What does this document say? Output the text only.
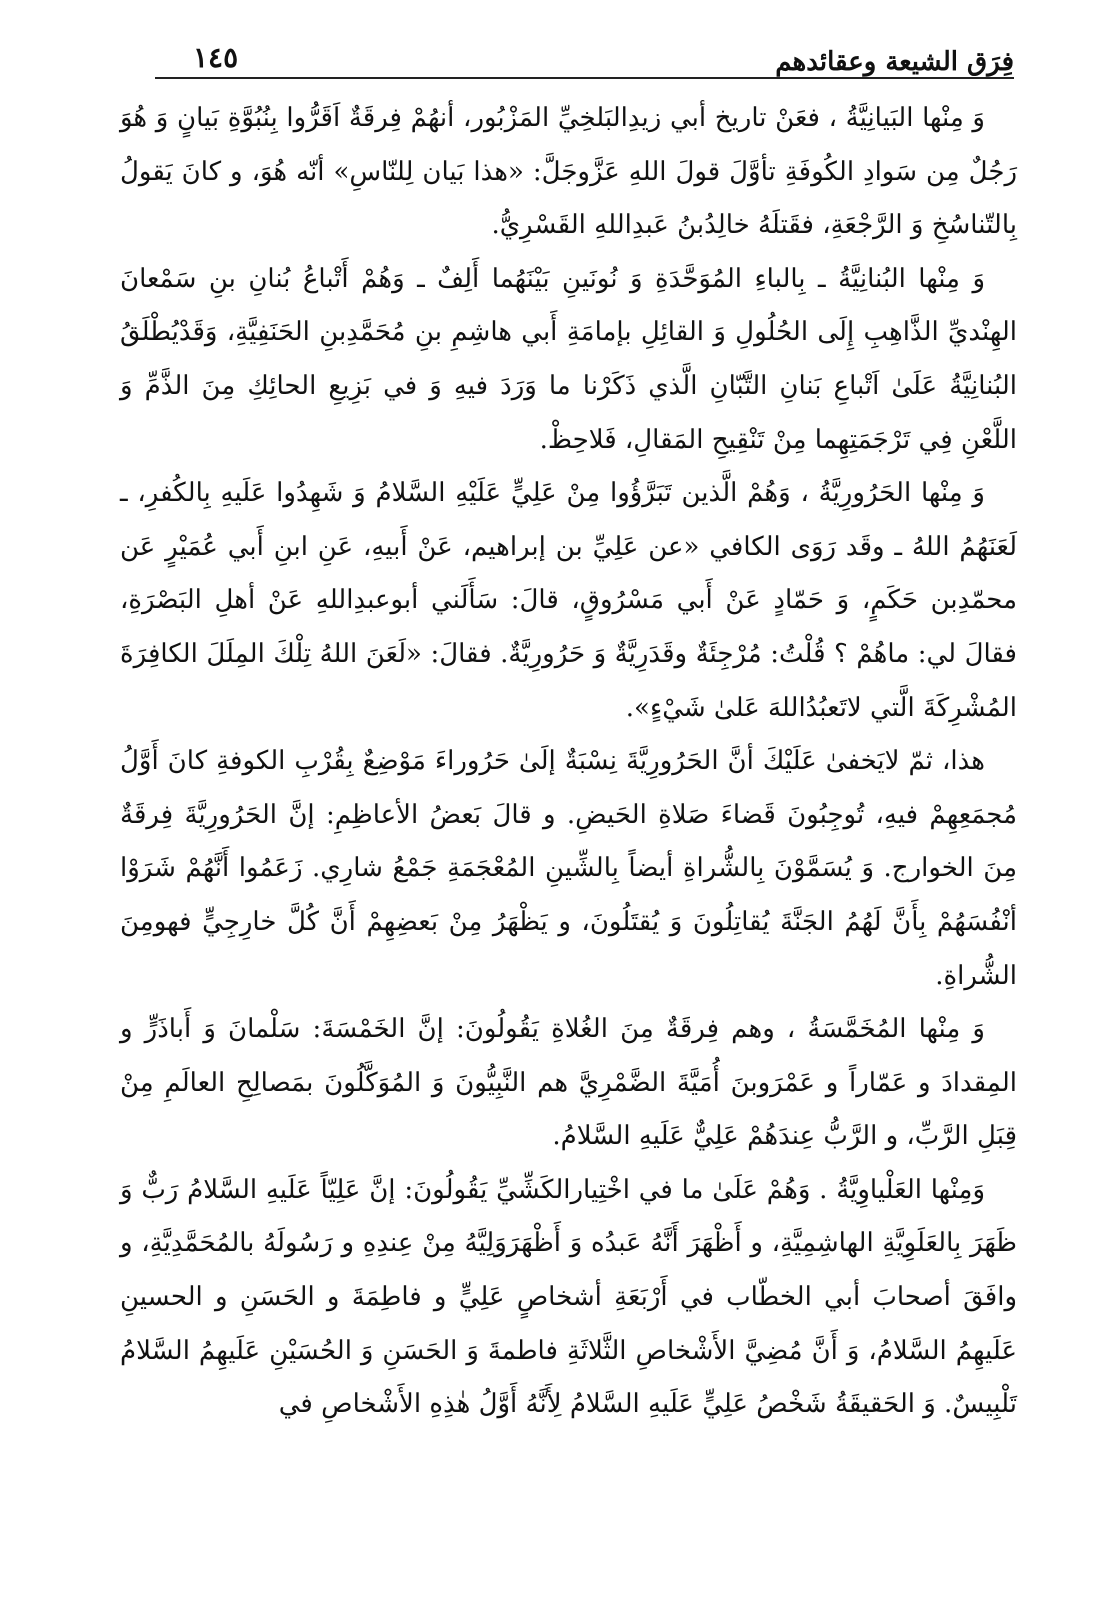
فِرَق الشيعة وعقائدهم
١٤٥

وَ مِنْها البَيانِيَّةُ ، فعَنْ تاريخ أبي زيدِالبَلخِيِّ المَزْبُور، أنهُمْ فِرقَةٌ اَقَرُّوا بِنُبُوَّةِ بَيانٍ وَ هُوَ رَجُلٌ مِن سَوادِ الكُوفَةِ تأوَّلَ قولَ اللهِ عَزَّوجَلَّ: «هذا بَيان لِلنّاسِ» أنّه هُوَ، و كانَ يَقولُ بِالتّناسُخِ وَ الرَّجْعَةِ، فقَتلَهُ خالِدُبنُ عَبدِاللهِ القَسْرِيُّ.

وَ مِنْها البُنانِيَّةُ ـ بِالباءِ المُوَحَّدَةِ وَ نُونَينِ بَيْنَهُما أَلِفٌ ـ وَهُمْ أَتْباعُ بُنانِ بنِ سَمْعانَ الهِنْديِّ الذَّاهِبِ إِلَى الحُلُولِ وَ القائِلِ بإمامَةِ أَبي هاشِمِ بنِ مُحَمَّدِبنِ الحَنَفِيَّةِ، وَقَدْيُطْلَقُ البُنانِيَّةُ عَلَىٰ اَتْباعِ بَنانِ التَّبّانِ الَّذي ذَكَرْنا ما وَرَدَ فيهِ وَ في بَزِيعِ الحائِكِ مِنَ الذَّمِّ وَ اللَّعْنِ فِي تَرْجَمَتِهِما مِنْ تَنْقِيحِ المَقالِ، فَلاحِظْ.

وَ مِنْها الحَرُورِيَّةُ ، وَهُمْ الَّذين تَبَرَّؤُوا مِنْ عَلِيٍّ عَلَيْهِ السَّلامُ وَ شَهِدُوا عَلَيهِ بِالكُفرِ، ـ لَعَنَهُمُ اللهُ ـ وقَد رَوَى الكافي «عن عَلِيِّ بن إبراهيم، عَنْ أَبيهِ، عَنِ ابنِ أَبي عُمَيْرٍ عَن محمّدِبن حَكَمٍ، وَ حَمّادٍ عَنْ أَبي مَسْرُوقٍ، قالَ: سَأَلَني أبوعبدِاللهِ عَنْ أهلِ البَصْرَةِ، فقالَ لي: ماهُمْ ؟ قُلْتُ: مُرْجِئَةٌ وقَدَرِيَّةٌ وَ حَرُورِيَّةٌ. فقالَ: «لَعَنَ اللهُ تِلْكَ المِلَلَ الكافِرَةَ المُشْرِكَةَ الَّتي لاتَعبُدُاللهَ عَلىٰ شَيْءٍ».

هذا، ثمّ لايَخفىٰ عَلَيْكَ أنَّ الحَرُورِيَّةَ نِسْبَةٌ إلَىٰ حَرُوراءَ مَوْضِعٌ بِقُرْبِ الكوفةِ كانَ أَوَّلُ مُجمَعِهِمْ فيهِ، تُوجِبُونَ قَضاءَ صَلاةِ الحَيضِ. و قالَ بَعضُ الأعاظِمِ: إنَّ الحَرُورِيَّةَ فِرقَةٌ مِنَ الخوارج. وَ يُسَمَّوْنَ بِالشُّراةِ أيضاً بِالشِّينِ المُعْجَمَةِ جَمْعُ شارِي. زَعَمُوا أَنَّهُمْ شَرَوْا أنْفُسَهُمْ بِأَنَّ لَهُمُ الجَنَّةَ يُقاتِلُونَ وَ يُقتَلُونَ، و يَظْهَرُ مِنْ بَعضِهِمْ أَنَّ كُلَّ خارِجِيٍّ فهومِنَ الشُّراةِ.

وَ مِنْها المُخَمَّسَةُ ، وهم فِرقَةٌ مِنَ الغُلاةِ يَقُولُونَ: إنَّ الخَمْسَةَ: سَلْمانَ وَ أَباذَرٍّ و المِقدادَ و عَمّاراً و عَمْرَوبنَ أُمَيَّةَ الضَّمْرِيَّ هم النَّبِيُّونَ وَ المُوَكَّلُونَ بمَصالِحِ العالَمِ مِنْ قِبَلِ الرَّبِّ، و الرَّبُّ عِندَهُمْ عَلِيٌّ عَلَيهِ السَّلامُ.

وَمِنْها العَلْياوِيَّةُ . وَهُمْ عَلَىٰ ما في اخْتِيارالكَشِّيِّ يَقُولُونَ: إنَّ عَلِيّاً عَلَيهِ السَّلامُ رَبٌّ وَ ظَهَرَ بِالعَلَوِيَّةِ الهاشِمِيَّةِ، و أَظْهَرَ أَنَّهُ عَبدُه وَ أَظْهَرَوَلِيَّهُ مِنْ عِندِهِ و رَسُولَهُ بالمُحَمَّدِيَّةِ، و وافَقَ أصحابَ أبي الخطّاب في أَرْبَعَةِ أشخاصٍ عَلِيٍّ و فاطِمَةَ و الحَسَنِ و الحسينِ عَلَيهِمُ السَّلامُ، وَ أَنَّ مُضِيَّ الأَشْخاصِ الثَّلاثَةِ فاطمةَ وَ الحَسَنِ وَ الحُسَيْنِ عَلَيهِمُ السَّلامُ تَلْبِيسٌ. وَ الحَقيقَةُ شَخْصُ عَلِيٍّ عَلَيهِ السَّلامُ لِأَنَّهُ أَوَّلُ هٰذِهِ الأَشْخاصِ في
